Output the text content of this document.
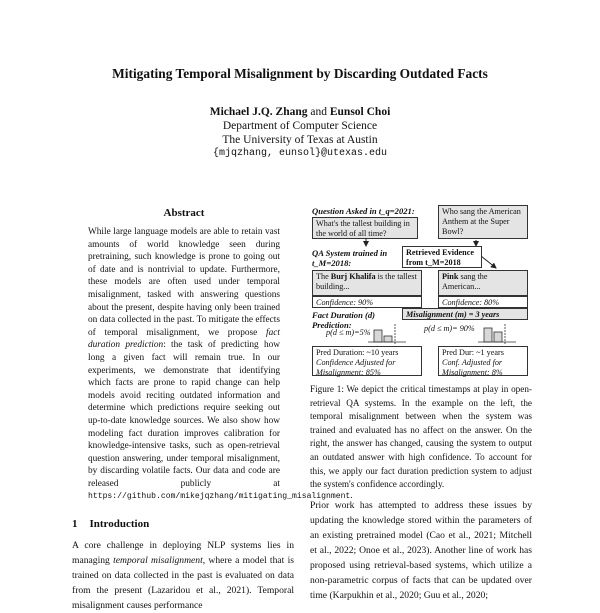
Mitigating Temporal Misalignment by Discarding Outdated Facts
Michael J.Q. Zhang and Eunsol Choi
Department of Computer Science
The University of Texas at Austin
{mjqzhang, eunsol}@utexas.edu
Abstract
While large language models are able to retain vast amounts of world knowledge seen during pretraining, such knowledge is prone to going out of date and is nontrivial to update. Furthermore, these models are often used under temporal misalignment, tasked with answering questions about the present, despite having only been trained on data collected in the past. To mitigate the effects of temporal misalignment, we propose fact duration prediction: the task of predicting how long a given fact will remain true. In our experiments, we demonstrate that identifying which facts are prone to rapid change can help models avoid reciting outdated information and determine which predictions require seeking out up-to-date knowledge sources. We also show how modeling fact duration improves calibration for knowledge-intensive tasks, such as open-retrieval question answering, under temporal misalignment, by discarding volatile facts. Our data and code are released publicly at https://github.com/mikejqzhang/mitigating_misalignment.
1 Introduction
A core challenge in deploying NLP systems lies in managing temporal misalignment, where a model that is trained on data collected in the past is evaluated on data from the present (Lazaridou et al., 2021). Temporal misalignment causes performance
Question Asked in t_q=2021:
What's the tallest building in the world of all time?
Who sang the American Anthem at the Super Bowl?
QA System trained in t_M=2018:
Retrieved Evidence from t_M=2018
The Burj Khalifa is the tallest building...
Confidence: 90%
Pink sang the American...
Confidence: 80%
Fact Duration (d) Prediction:
Misalignment (m) = 3 years
p(d ≤ m)=5%	p(d ≤ m)= 90%
Pred Duration: ~10 years
Confidence Adjusted for Misalignment: 85%
Pred Dur: ~1 years
Conf. Adjusted for Misalignment: 8%
Figure 1: We depict the critical timestamps at play in open-retrieval QA systems. In the example on the left, the temporal misalignment between when the system was trained and evaluated has no affect on the answer. On the right, the answer has changed, causing the system to output an outdated answer with high confidence. To account for this, we apply our fact duration prediction system to adjust the system's confidence accordingly.
Prior work has attempted to address these issues by updating the knowledge stored within the parameters of an existing pretrained model (Cao et al., 2021; Mitchell et al., 2022; Onoe et al., 2023). Another line of work has proposed using retrieval-based systems, which utilize a non-parametric corpus of facts that can be updated over time (Karpukhin et al., 2020; Guu et al., 2020;
